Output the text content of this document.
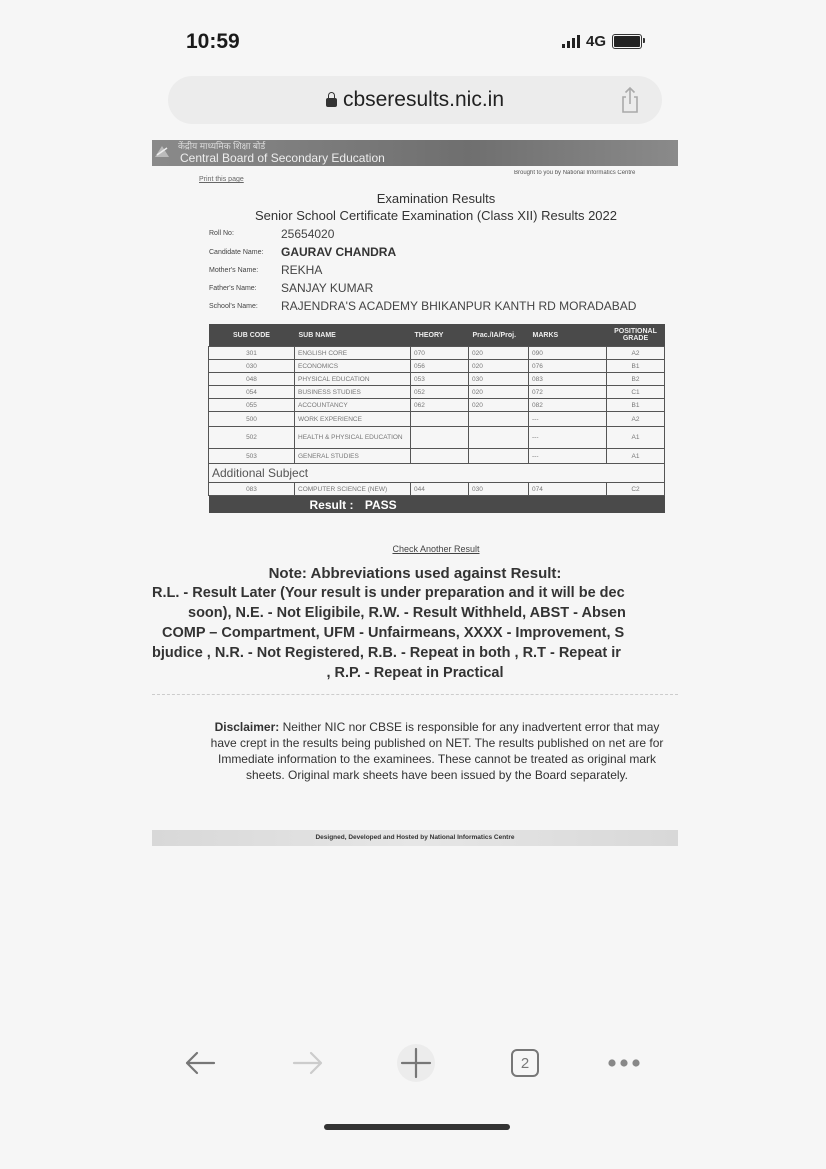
10:59	4G
cbseresults.nic.in
केंद्रीय माध्यमिक शिक्षा बोर्ड
Central Board of Secondary Education
Print this page
Brought to you by National Informatics Centre
Examination Results
Senior School Certificate Examination (Class XII) Results 2022
Roll No:	25654020
Candidate Name: GAURAV CHANDRA
Mother's Name: REKHA
Father's Name: SANJAY KUMAR
School's Name: RAJENDRA'S ACADEMY BHIKANPUR KANTH RD MORADABAD
SUB CODE	SUB NAME	THEORY	Prac./IA/Proj.	MARKS	POSITIONAL GRADE
301	ENGLISH CORE	070	020	090	A2
030	ECONOMICS	056	020	076	B1
048	PHYSICAL EDUCATION	053	030	083	B2
054	BUSINESS STUDIES	052	020	072	C1
055	ACCOUNTANCY	062	020	082	B1
500	WORK EXPERIENCE			---	A2
502	HEALTH & PHYSICAL EDUCATION			---	A1
503	GENERAL STUDIES			---	A1
Additional Subject					
083	COMPUTER SCIENCE (NEW)	044	030	074	C2
	Result : PASS				
Check Another Result
Note: Abbreviations used against Result:
R.L. - Result Later (Your result is under preparation and it will be dec
soon), N.E. - Not Eligibile, R.W. - Result Withheld, ABST - Absen
COMP – Compartment, UFM - Unfairmeans, XXXX - Improvement, S
bjudice , N.R. - Not Registered, R.B. - Repeat in both , R.T - Repeat ir
, R.P. - Repeat in Practical
Disclaimer: Neither NIC nor CBSE is responsible for any inadvertent error that may have crept in the results being published on NET. The results published on net are for Immediate information to the examinees. These cannot be treated as original mark sheets. Original mark sheets have been issued by the Board separately.
Designed, Developed and Hosted by National Informatics Centre
2
